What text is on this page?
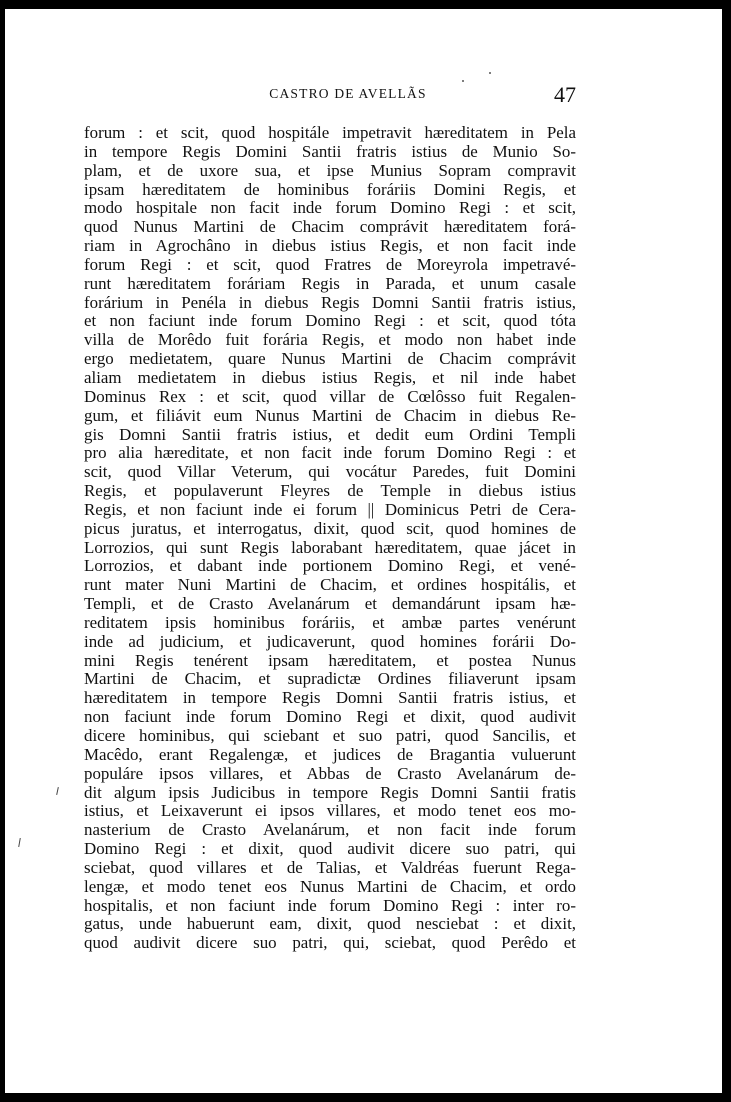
CASTRO DE AVELLÃS	47
forum : et scit, quod hospitále impetravit hæreditatem in Pela
in tempore Regis Domini Santii fratris istius de Munio So-
plam, et de uxore sua, et ipse Munius Sopram compravit
ipsam hæreditatem de hominibus foráriis Domini Regis, et
modo hospitale non facit inde forum Domino Regi : et scit,
quod Nunus Martini de Chacim comprávit hæreditatem forá-
riam in Agrochâno in diebus istius Regis, et non facit inde
forum Regi : et scit, quod Fratres de Moreyrola impetravé-
runt hæreditatem foráriam Regis in Parada, et unum casale
forárium in Penéla in diebus Regis Domni Santii fratris istius,
et non faciunt inde forum Domino Regi : et scit, quod tóta
villa de Morêdo fuit forária Regis, et modo non habet inde
ergo medietatem, quare Nunus Martini de Chacim comprávit
aliam medietatem in diebus istius Regis, et nil inde habet
Dominus Rex : et scit, quod villar de Cœlôsso fuit Regalen-
gum, et filiávit eum Nunus Martini de Chacim in diebus Re-
gis Domni Santii fratris istius, et dedit eum Ordini Templi
pro alia hæreditate, et non facit inde forum Domino Regi : et
scit, quod Villar Veterum, qui vocátur Paredes, fuit Domini
Regis, et populaverunt Fleyres de Temple in diebus istius
Regis, et non faciunt inde ei forum || Dominicus Petri de Cera-
picus juratus, et interrogatus, dixit, quod scit, quod homines de
Lorrozios, qui sunt Regis laborabant hæreditatem, quae jácet in
Lorrozios, et dabant inde portionem Domino Regi, et vené-
runt mater Nuni Martini de Chacim, et ordines hospitális, et
Templi, et de Crasto Avelanárum et demandárunt ipsam hæ-
reditatem ipsis hominibus foráriis, et ambæ partes venérunt
inde ad judicium, et judicaverunt, quod homines forárii Do-
mini Regis tenérent ipsam hæreditatem, et postea Nunus
Martini de Chacim, et supradictæ Ordines filiaverunt ipsam
hæreditatem in tempore Regis Domni Santii fratris istius, et
non faciunt inde forum Domino Regi et dixit, quod audivit
dicere hominibus, qui sciebant et suo patri, quod Sancilis, et
Macêdo, erant Regalengæ, et judices de Bragantia vuluerunt
populáre ipsos villares, et Abbas de Crasto Avelanárum de-
dit algum ipsis Judicibus in tempore Regis Domni Santii fratis
istius, et Leixaverunt ei ipsos villares, et modo tenet eos mo-
nasterium de Crasto Avelanárum, et non facit inde forum
Domino Regi : et dixit, quod audivit dicere suo patri, qui
sciebat, quod villares et de Talias, et Valdréas fuerunt Rega-
lengæ, et modo tenet eos Nunus Martini de Chacim, et ordo
hospitalis, et non faciunt inde forum Domino Regi : inter ro-
gatus, unde habuerunt eam, dixit, quod nesciebat : et dixit,
quod audivit dicere suo patri, qui, sciebat, quod Perêdo et
